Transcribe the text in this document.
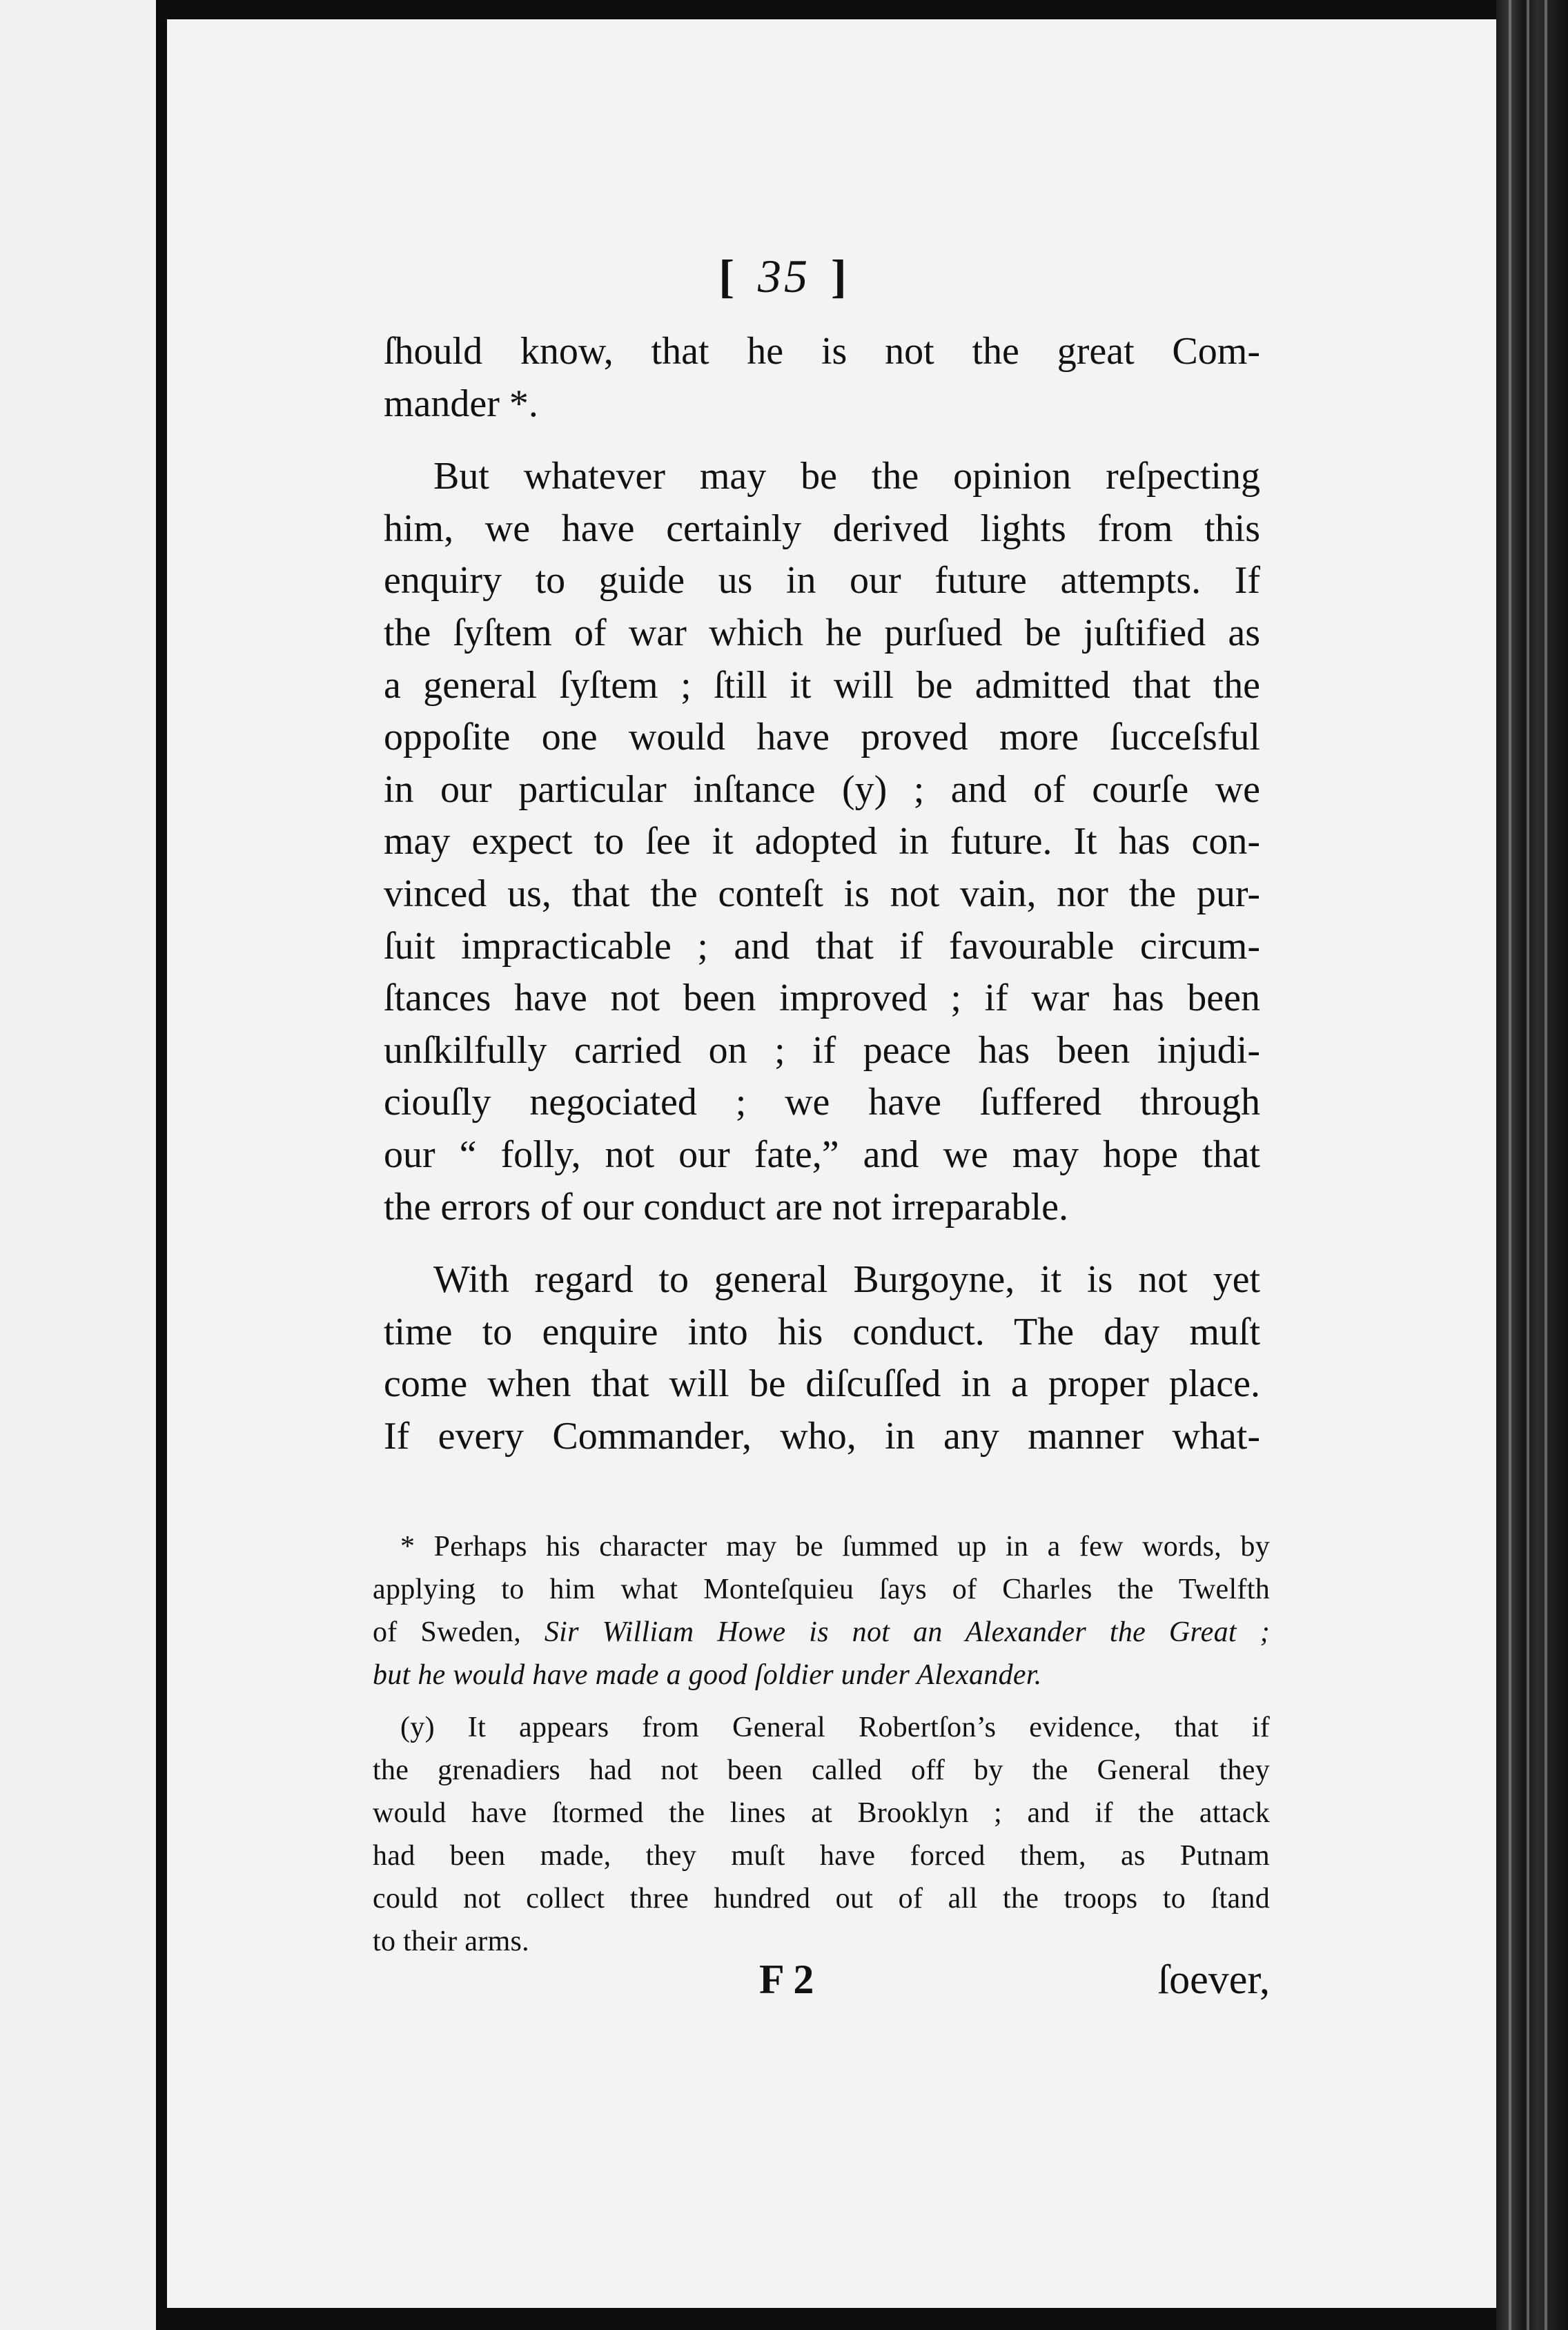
[ 35 ]

ſhould know, that he is not the great Com-
mander *.

But whatever may be the opinion reſpecting
him, we have certainly derived lights from this
enquiry to guide us in our future attempts. If
the ſyſtem of war which he purſued be juſtified as
a general ſyſtem ; ſtill it will be admitted that the
oppoſite one would have proved more ſucceſsful
in our particular inſtance (y) ; and of courſe we
may expect to ſee it adopted in future. It has con-
vinced us, that the conteſt is not vain, nor the pur-
ſuit impracticable ; and that if favourable circum-
ſtances have not been improved ; if war has been
unſkilfully carried on ; if peace has been injudi-
ciouſly negociated ; we have ſuffered through
our “ folly, not our fate,” and we may hope that
the errors of our conduct are not irreparable.

With regard to general Burgoyne, it is not yet
time to enquire into his conduct. The day muſt
come when that will be diſcuſſed in a proper place.
If every Commander, who, in any manner what-

* Perhaps his character may be ſummed up in a few words, by
applying to him what Monteſquieu ſays of Charles the Twelfth
of Sweden, Sir William Howe is not an Alexander the Great ;
but he would have made a good ſoldier under Alexander.
(y) It appears from General Robertſon’s evidence, that if
the grenadiers had not been called off by the General they
would have ſtormed the lines at Brooklyn ; and if the attack
had been made, they muſt have forced them, as Putnam
could not collect three hundred out of all the troops to ſtand
to their arms.
F 2	ſoever,
